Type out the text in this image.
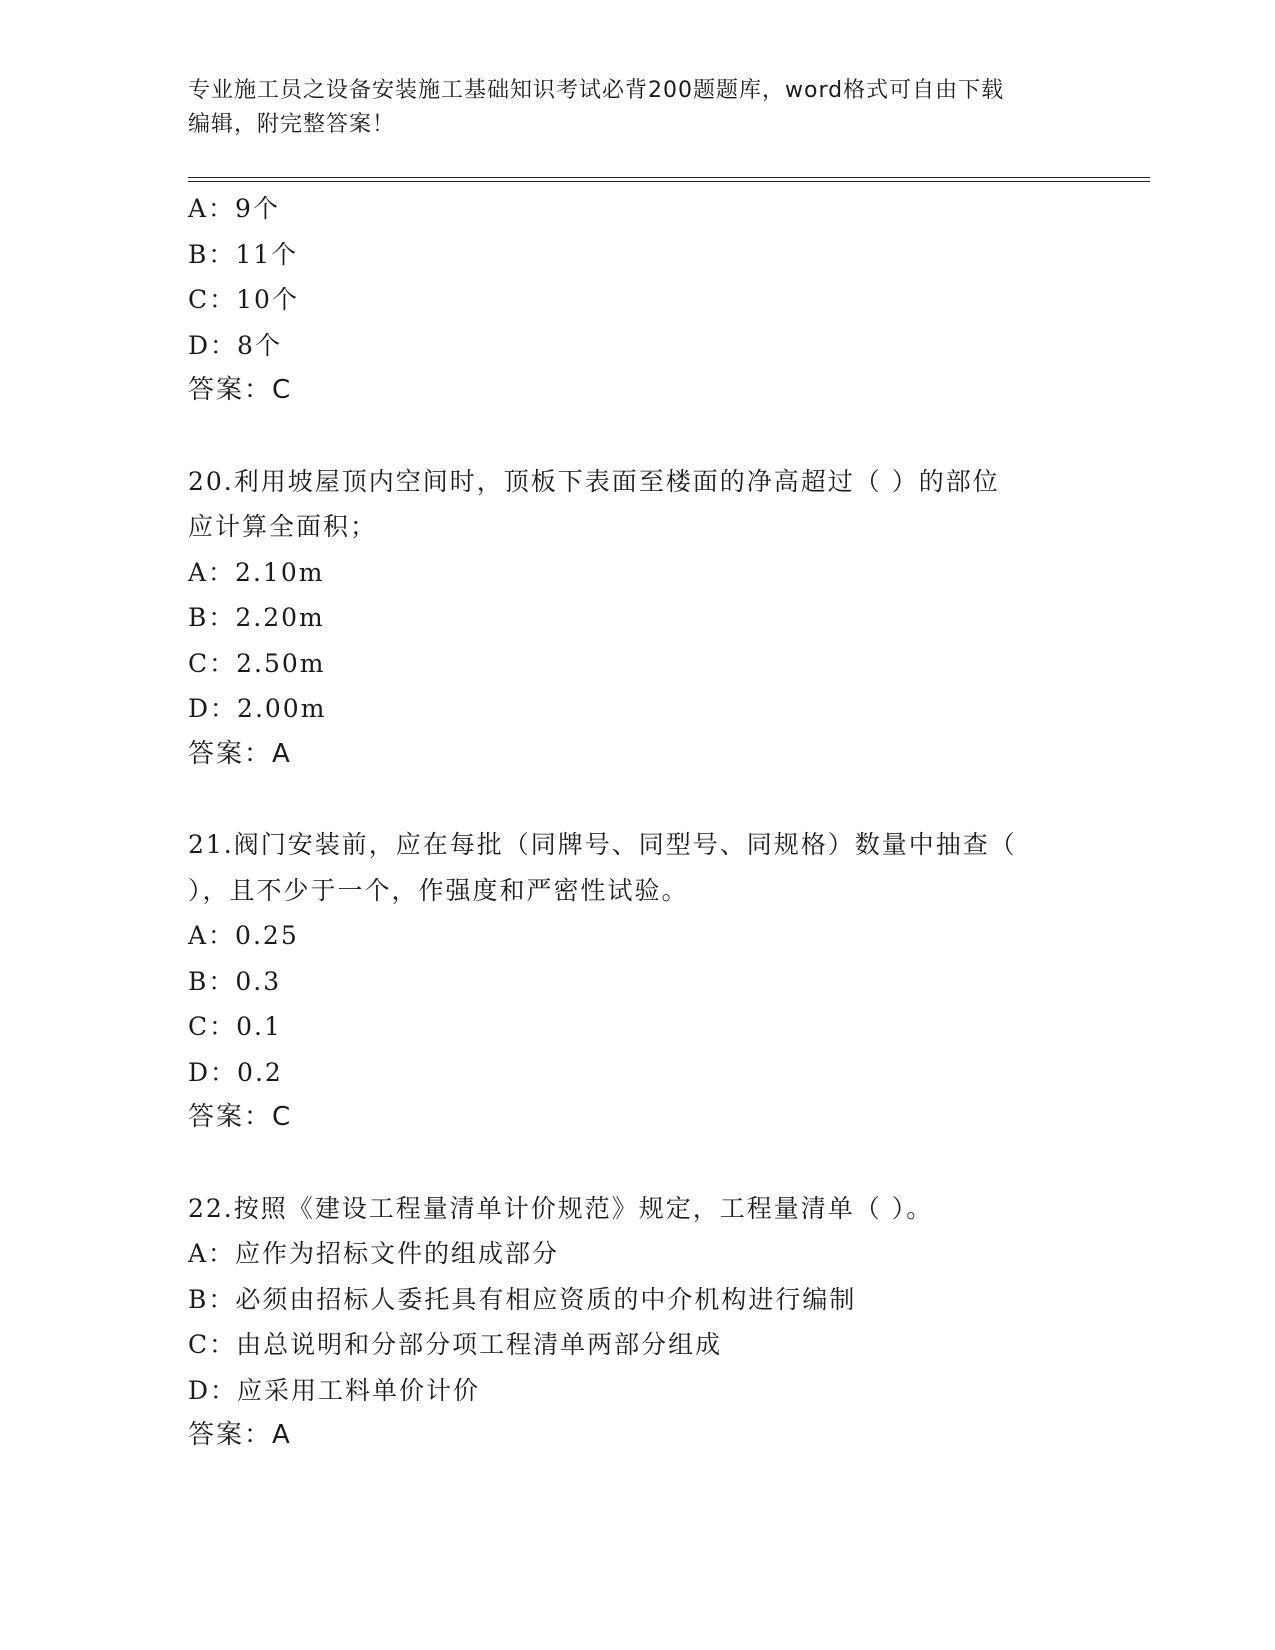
专业施工员之设备安装施工基础知识考试必背200题题库，word格式可自由下载
编辑，附完整答案！
A：9个
B：11个
C：10个
D：8个
答案：C
20.利用坡屋顶内空间时，顶板下表面至楼面的净高超过（ ）的部位
应计算全面积；
A：2.10m
B：2.20m
C：2.50m
D：2.00m
答案：A
21.阀门安装前，应在每批（同牌号、同型号、同规格）数量中抽查（
），且不少于一个，作强度和严密性试验。
A：0.25
B：0.3
C：0.1
D：0.2
答案：C
22.按照《建设工程量清单计价规范》规定，工程量清单（ ）。
A：应作为招标文件的组成部分
B：必须由招标人委托具有相应资质的中介机构进行编制
C：由总说明和分部分项工程清单两部分组成
D：应采用工料单价计价
答案：A
